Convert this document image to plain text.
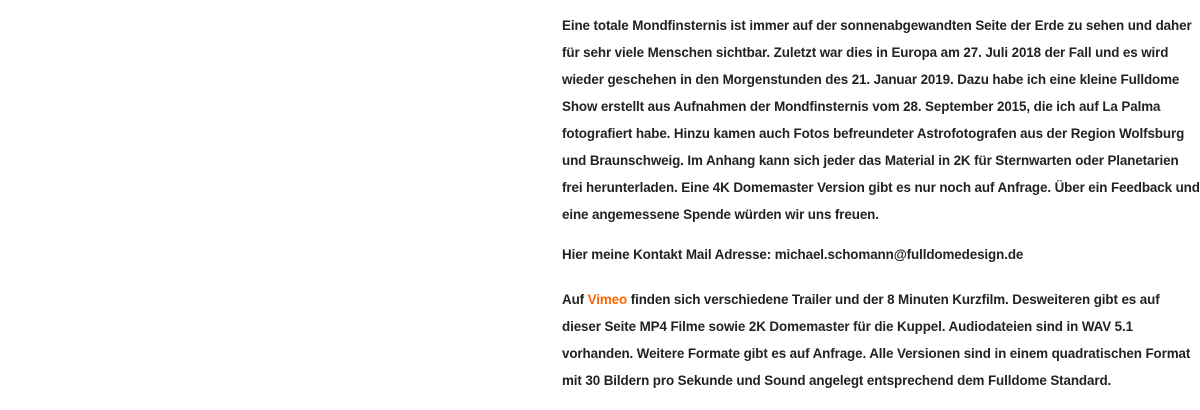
Eine totale Mondfinsternis ist immer auf der sonnenabgewandten Seite der Erde zu sehen und daher für sehr viele Menschen sichtbar. Zuletzt war dies in Europa am 27. Juli 2018 der Fall und es wird wieder geschehen in den Morgenstunden des 21. Januar 2019. Dazu habe ich eine kleine Fulldome Show erstellt aus Aufnahmen der Mondfinsternis vom 28. September 2015, die ich auf La Palma fotografiert habe. Hinzu kamen auch Fotos befreundeter Astrofotografen aus der Region Wolfsburg und Braunschweig. Im Anhang kann sich jeder das Material in 2K für Sternwarten oder Planetarien frei herunterladen. Eine 4K Domemaster Version gibt es nur noch auf Anfrage. Über ein Feedback und eine angemessene Spende würden wir uns freuen.

Hier meine Kontakt Mail Adresse: michael.schomann@fulldomedesign.de

Auf Vimeo finden sich verschiedene Trailer und der 8 Minuten Kurzfilm. Desweiteren gibt es auf dieser Seite MP4 Filme sowie 2K Domemaster für die Kuppel. Audiodateien sind in WAV 5.1 vorhanden. Weitere Formate gibt es auf Anfrage. Alle Versionen sind in einem quadratischen Format mit 30 Bildern pro Sekunde und Sound angelegt entsprechend dem Fulldome Standard.
